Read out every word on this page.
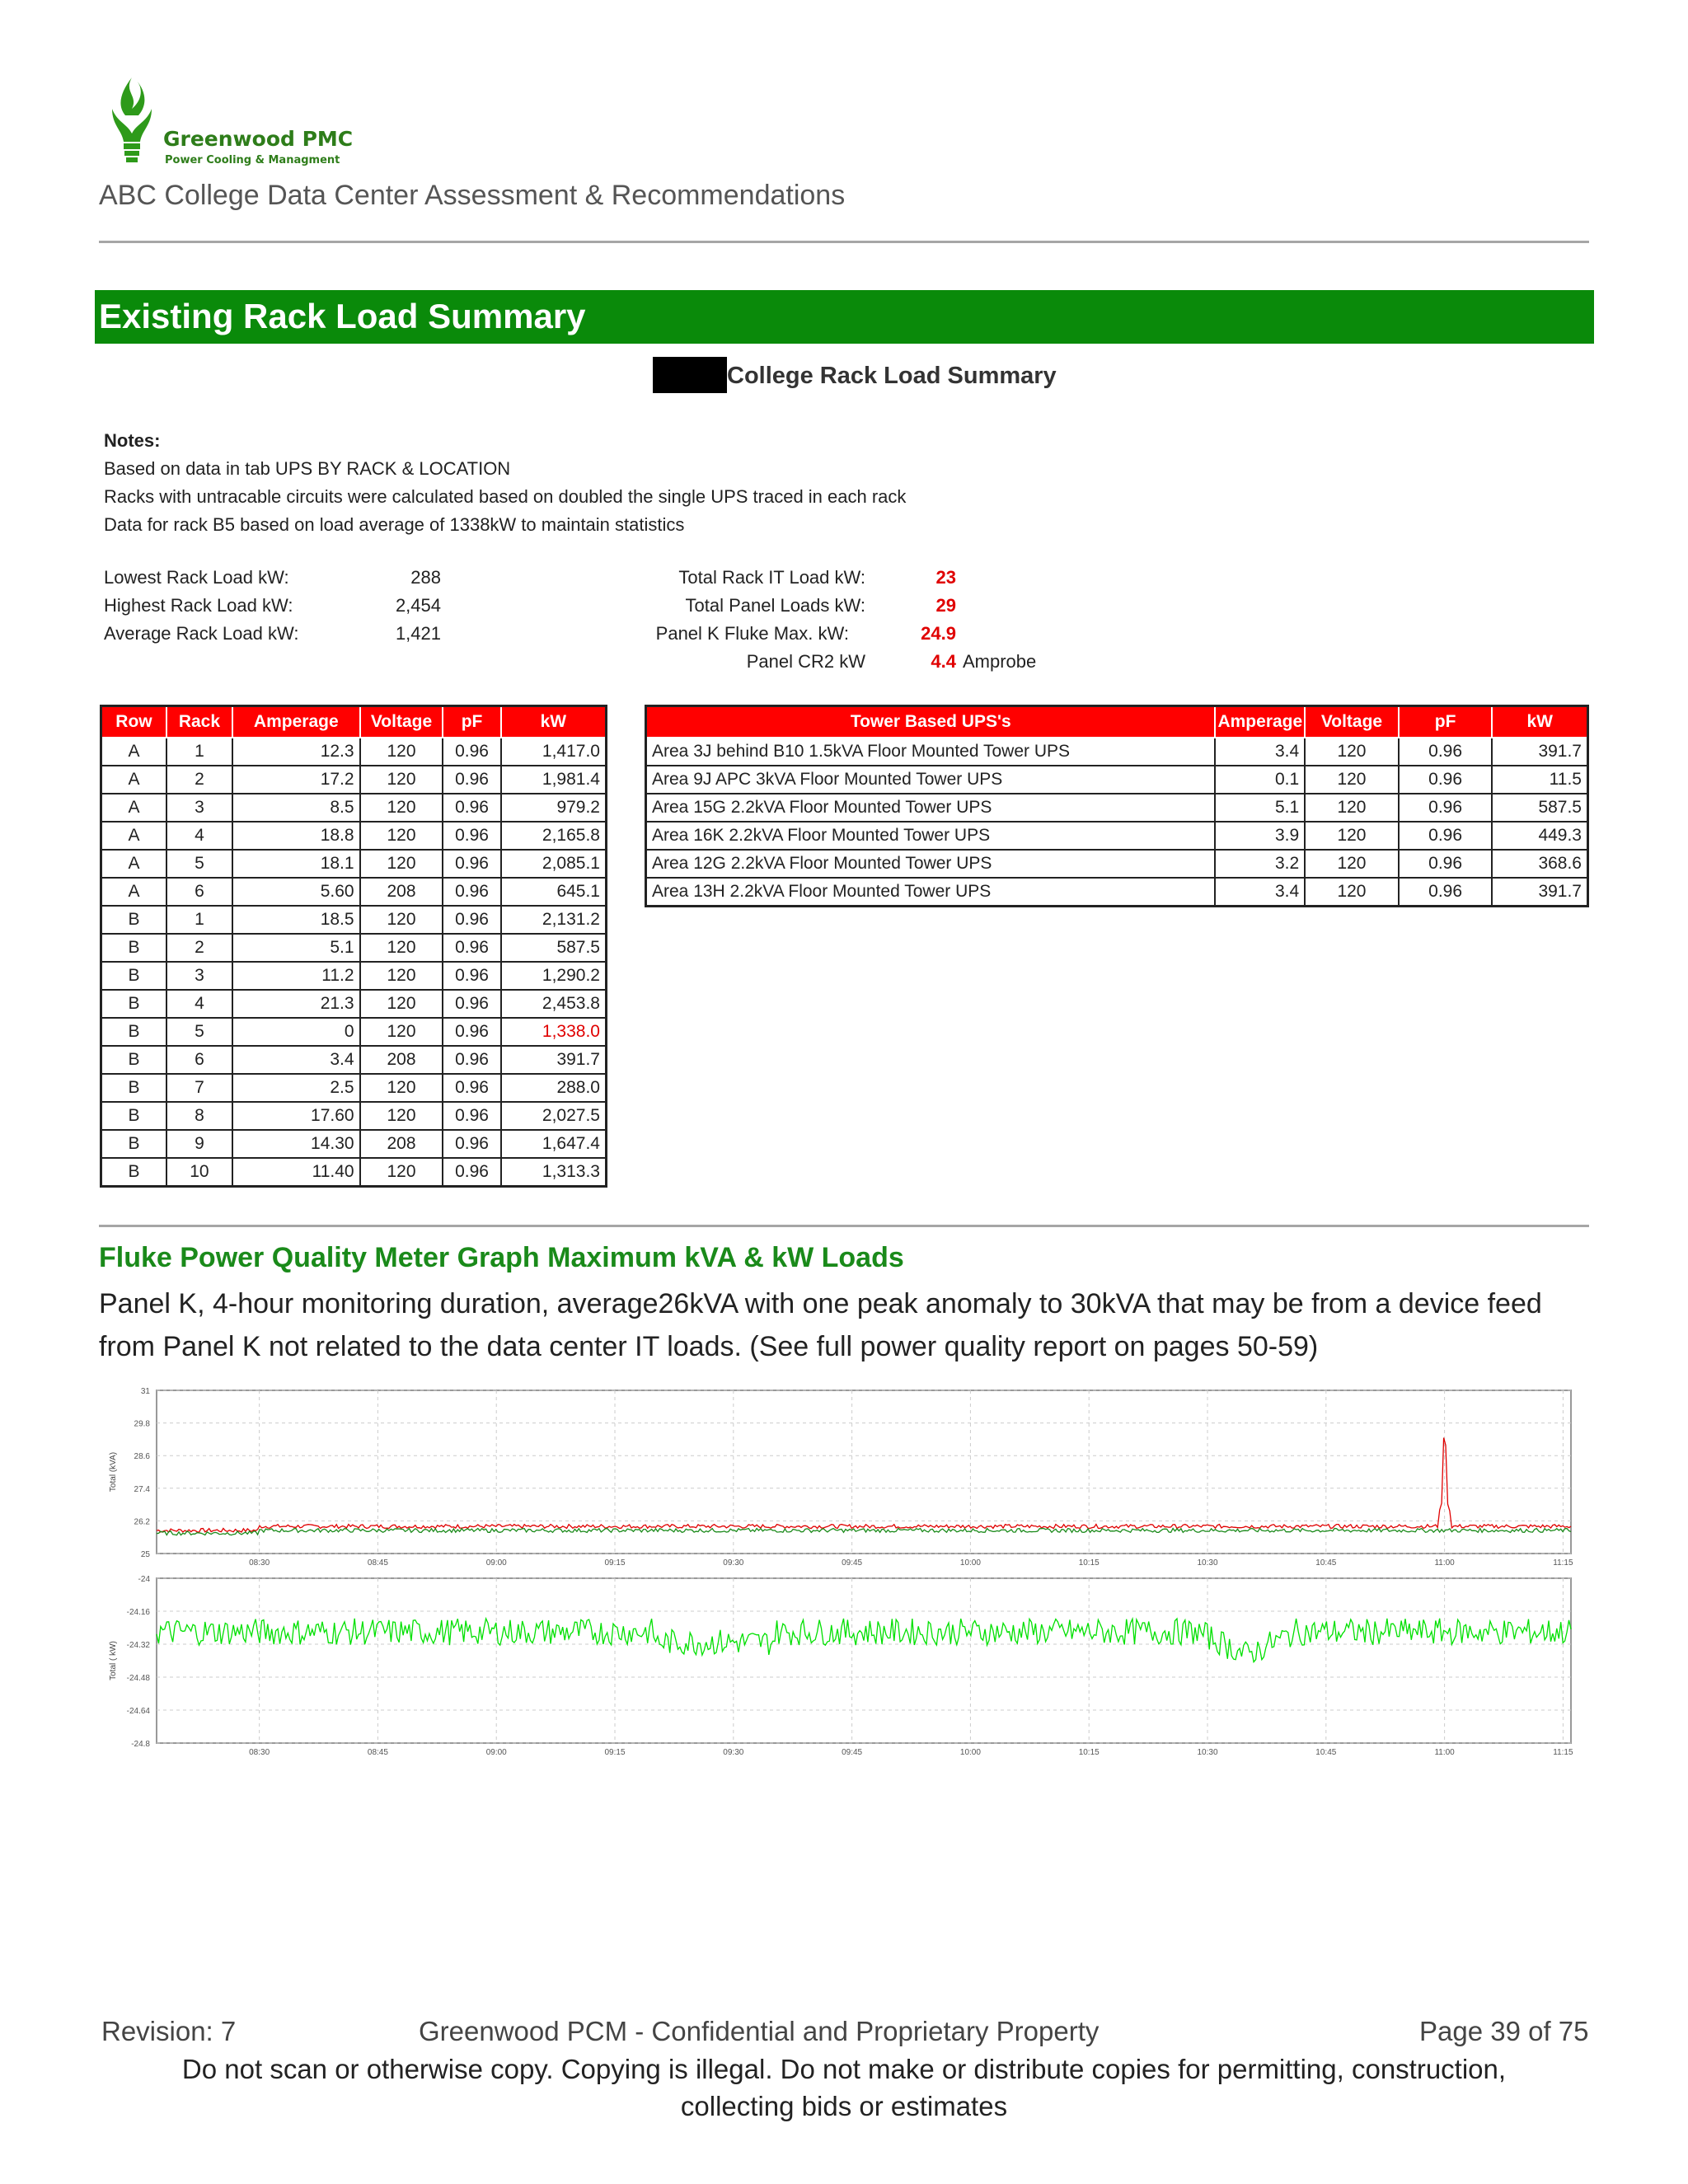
Greenwood PMC
Power Cooling & Managment
ABC College Data Center Assessment & Recommendations
Existing Rack Load Summary
College Rack Load Summary
Notes:
Based on data in tab UPS BY RACK & LOCATION
Racks with untracable circuits were calculated based on doubled the single UPS traced in each rack
Data for rack B5 based on load average of 1338kW to maintain statistics
Lowest Rack Load kW:	288
Highest Rack Load kW:	2,454
Average Rack Load kW:	1,421
Total Rack IT Load kW:	23
Total Panel Loads kW:	29
Panel K Fluke Max. kW:	24.9
Panel CR2 kW	4.4 Amprobe
Row	Rack	Amperage	Voltage	pF	kW
A	1	12.3	120	0.96	1,417.0
A	2	17.2	120	0.96	1,981.4
A	3	8.5	120	0.96	979.2
A	4	18.8	120	0.96	2,165.8
A	5	18.1	120	0.96	2,085.1
A	6	5.60	208	0.96	645.1
B	1	18.5	120	0.96	2,131.2
B	2	5.1	120	0.96	587.5
B	3	11.2	120	0.96	1,290.2
B	4	21.3	120	0.96	2,453.8
B	5	0	120	0.96	1,338.0
B	6	3.4	208	0.96	391.7
B	7	2.5	120	0.96	288.0
B	8	17.60	120	0.96	2,027.5
B	9	14.30	208	0.96	1,647.4
B	10	11.40	120	0.96	1,313.3
Tower Based UPS's	Amperage	Voltage	pF	kW
Area 3J behind B10 1.5kVA Floor Mounted Tower UPS	3.4	120	0.96	391.7
Area 9J APC 3kVA Floor Mounted Tower UPS	0.1	120	0.96	11.5
Area 15G 2.2kVA Floor Mounted Tower UPS	5.1	120	0.96	587.5
Area 16K 2.2kVA Floor Mounted Tower UPS	3.9	120	0.96	449.3
Area 12G 2.2kVA Floor Mounted Tower UPS	3.2	120	0.96	368.6
Area 13H 2.2kVA Floor Mounted Tower UPS	3.4	120	0.96	391.7
Fluke Power Quality Meter Graph Maximum kVA & kW Loads
Panel K, 4-hour monitoring duration, average26kVA with one peak anomaly to 30kVA that may be from a device feed from Panel K not related to the data center IT loads. (See full power quality report on pages 50-59)
31
29.8
28.6
27.4
26.2
25
08:30	08:45	09:00	09:15	09:30	09:45	10:00	10:15	10:30	10:45	11:00	11:15
Total (kVA)
-24
-24.16
-24.32
-24.48
-24.64
-24.8
08:30	08:45	09:00	09:15	09:30	09:45	10:00	10:15	10:30	10:45	11:00	11:15
Total ( kW)
Revision: 7	Greenwood PCM - Confidential and Proprietary Property	Page 39 of 75
Do not scan or otherwise copy. Copying is illegal. Do not make or distribute copies for permitting, construction, collecting bids or estimates
